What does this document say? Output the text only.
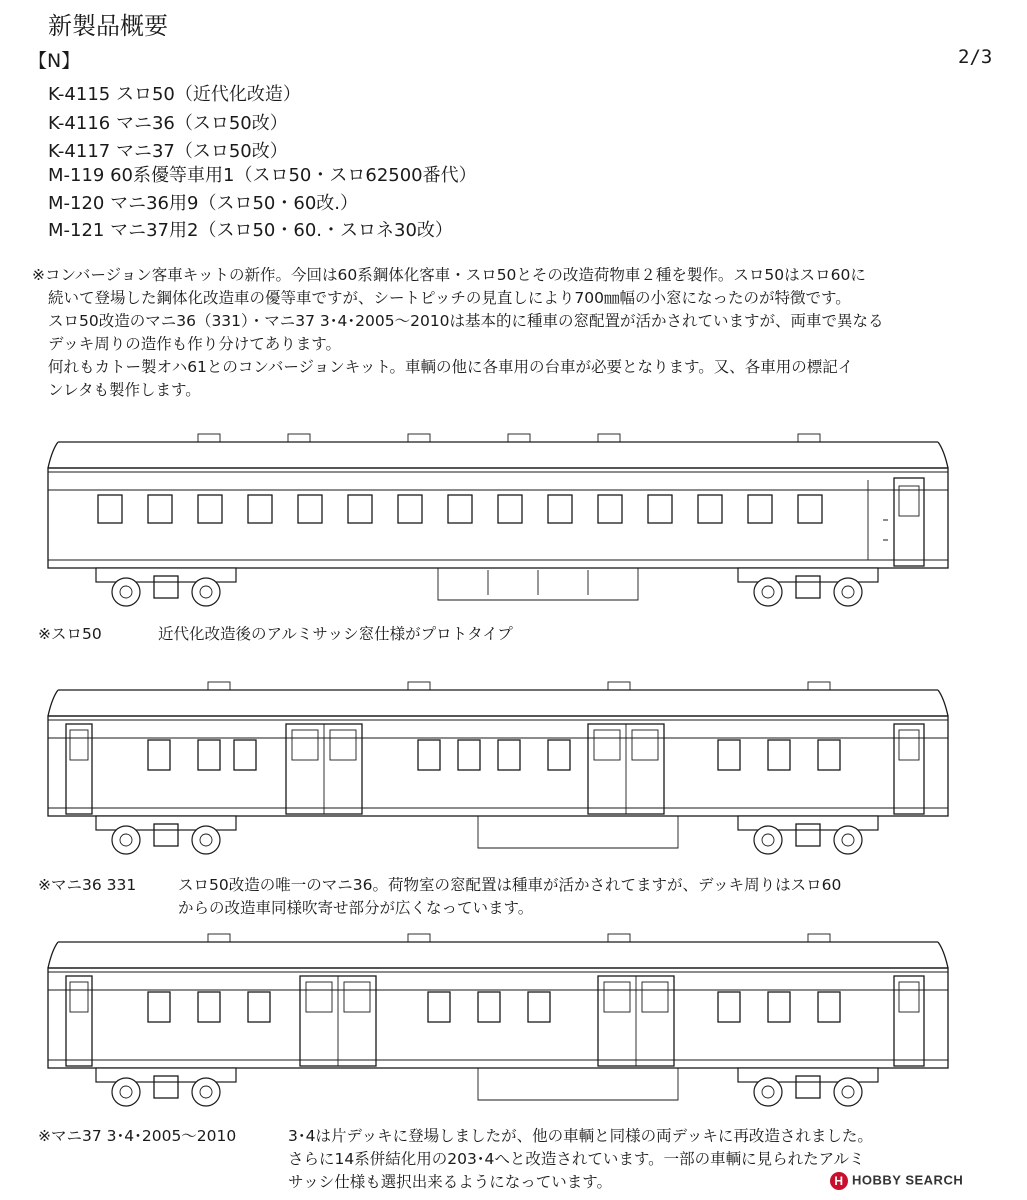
新製品概要
【N】	2/3
K-4115 スロ50（近代化改造）
K-4116 マニ36（スロ50改）
K-4117 マニ37（スロ50改）
M-119 60系優等車用1（スロ50・スロ62500番代）
M-120 マニ36用9（スロ50・60改.）
M-121 マニ37用2（スロ50・60.・スロネ30改）
※コンバージョン客車キットの新作。今回は60系鋼体化客車・スロ50とその改造荷物車２種を製作。スロ50はスロ60に
続いて登場した鋼体化改造車の優等車ですが、シートピッチの見直しにより700㎜幅の小窓になったのが特徴です。
スロ50改造のマニ36（331）・マニ37 3･4･2005～2010は基本的に種車の窓配置が活かされていますが、両車で異なる
デッキ周りの造作も作り分けてあります。
何れもカトー製オハ61とのコンバージョンキット。車輌の他に各車用の台車が必要となります。又、各車用の標記イ
ンレタも製作します。
※スロ50	近代化改造後のアルミサッシ窓仕様がプロトタイプ
※マニ36 331	スロ50改造の唯一のマニ36。荷物室の窓配置は種車が活かされてますが、デッキ周りはスロ60
からの改造車同様吹寄せ部分が広くなっています。
※マニ37 3･4･2005～2010	3･4は片デッキに登場しましたが、他の車輌と同様の両デッキに再改造されました。
さらに14系併結化用の203･4へと改造されています。一部の車輌に見られたアルミ
サッシ仕様も選択出来るようになっています。	H HOBBY SEARCH
